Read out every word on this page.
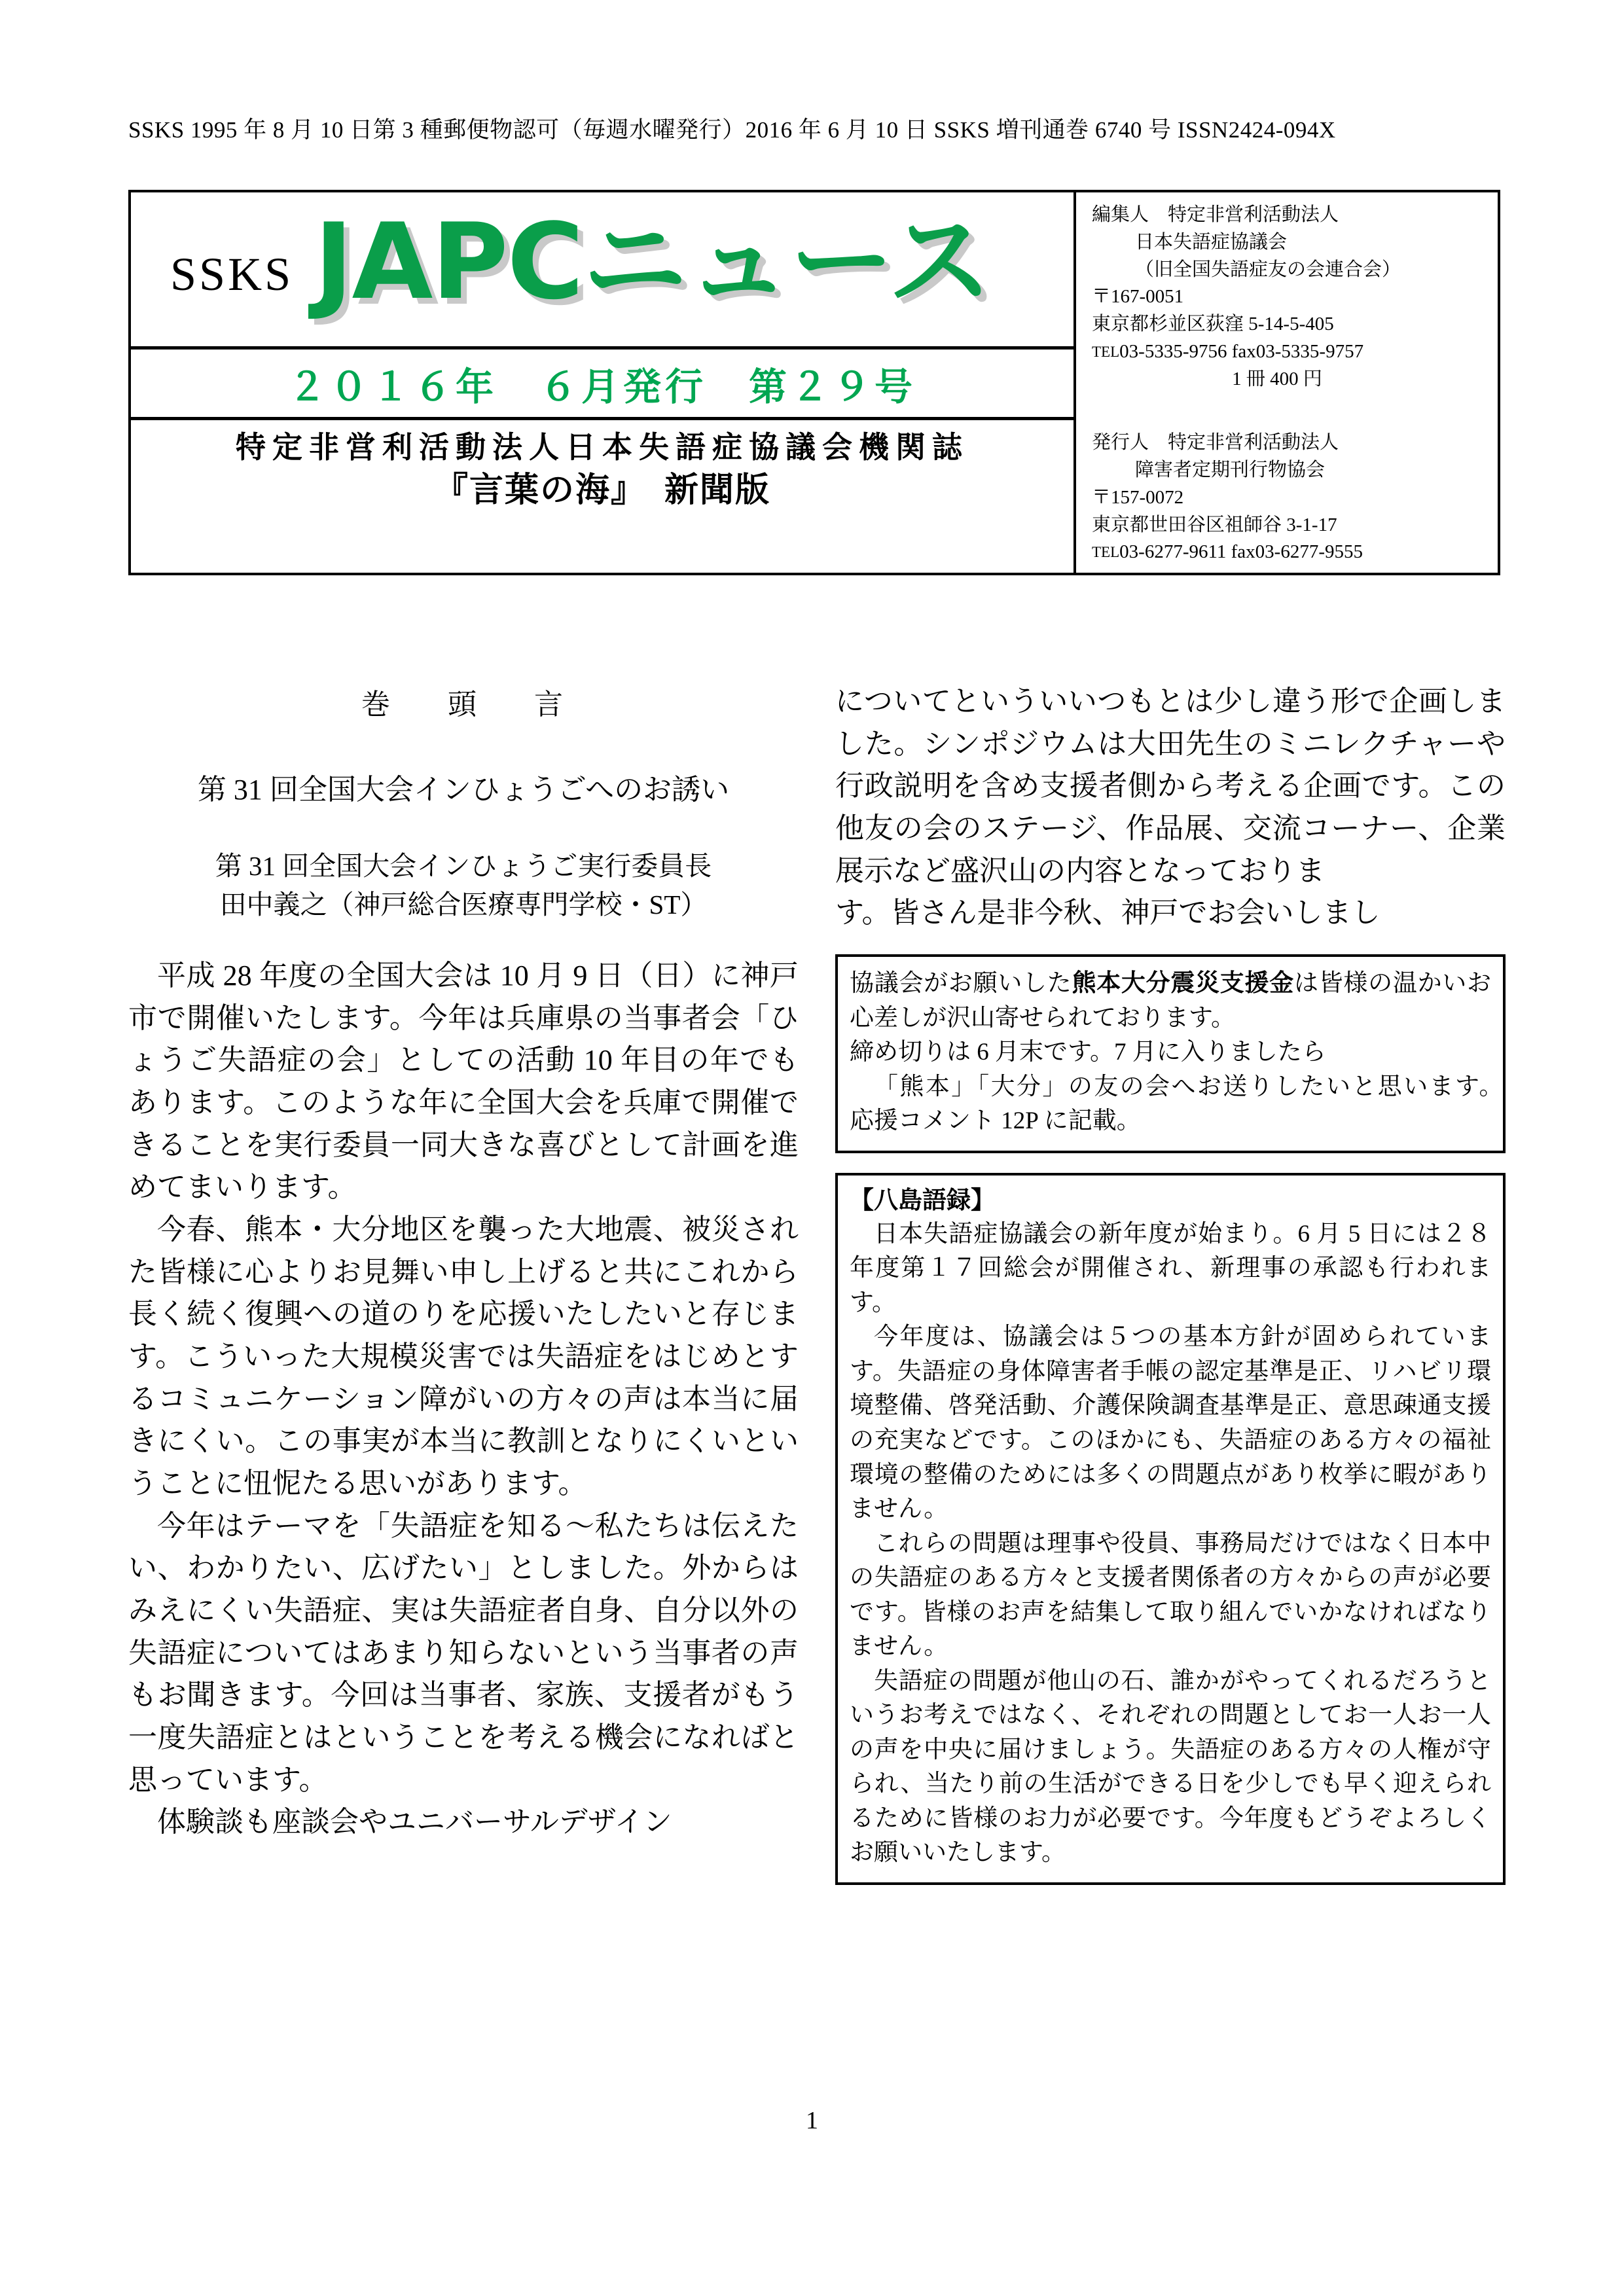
SSKS 1995 年 8 月 10 日第 3 種郵便物認可（毎週水曜発行）2016 年 6 月 10 日 SSKS 増刊通巻 6740 号 ISSN2424-094X
SSKS JAPCニュース
２０１６年　６月発行　第２９号
特定非営利活動法人日本失語症協議会機関誌
『言葉の海』　新聞版

編集人　特定非営利活動法人

日本失語症協議会

（旧全国失語症友の会連合会）

〒167-0051

東京都杉並区荻窪 5-14-5-405

TEL03-5335-9756 fax03-5335-9757

1 冊 400 円

発行人　特定非営利活動法人

障害者定期刊行物協会

〒157-0072

東京都世田谷区祖師谷 3-1-17

TEL03-6277-9611 fax03-6277-9555

巻　頭　言
第 31 回全国大会インひょうごへのお誘い
第 31 回全国大会インひょうご実行委員長
田中義之（神戸総合医療専門学校・ST）

平成 28 年度の全国大会は 10 月 9 日（日）に神戸市で開催いたします。今年は兵庫県の当事者会「ひょうご失語症の会」としての活動 10 年目の年でもあります。このような年に全国大会を兵庫で開催できることを実行委員一同大きな喜びとして計画を進めてまいります。

今春、熊本・大分地区を襲った大地震、被災された皆様に心よりお見舞い申し上げると共にこれから長く続く復興への道のりを応援いたしたいと存じます。こういった大規模災害では失語症をはじめとするコミュニケーション障がいの方々の声は本当に届きにくい。この事実が本当に教訓となりにくいということに忸怩たる思いがあります。

今年はテーマを「失語症を知る〜私たちは伝えたい、わかりたい、広げたい」としました。外からはみえにくい失語症、実は失語症者自身、自分以外の失語症についてはあまり知らないという当事者の声もお聞きます。今回は当事者、家族、支援者がもう一度失語症とはということを考える機会になればと思っています。

体験談も座談会やユニバーサルデザイン

についてといういいつもとは少し違う形で企画しました。シンポジウムは大田先生のミニレクチャーや行政説明を含め支援者側から考える企画です。この他友の会のステージ、作品展、交流コーナー、企業展示など盛沢山の内容となっておりま

す。皆さん是非今秋、神戸でお会いしまし

協議会がお願いした熊本大分震災支援金は皆様の温かいお心差しが沢山寄せられております。

締め切りは 6 月末です。7 月に入りましたら

「熊本」「大分」の友の会へお送りしたいと思います。　応援コメント 12P に記載。

【八島語録】

日本失語症協議会の新年度が始まり。6 月 5 日には２８年度第１７回総会が開催され、新理事の承認も行われます。

今年度は、協議会は５つの基本方針が固められています。失語症の身体障害者手帳の認定基準是正、リハビリ環境整備、啓発活動、介護保険調査基準是正、意思疎通支援の充実などです。このほかにも、失語症のある方々の福祉環境の整備のためには多くの問題点があり枚挙に暇がありません。

これらの問題は理事や役員、事務局だけではなく日本中の失語症のある方々と支援者関係者の方々からの声が必要です。皆様のお声を結集して取り組んでいかなければなりません。

失語症の問題が他山の石、誰かがやってくれるだろうというお考えではなく、それぞれの問題としてお一人お一人の声を中央に届けましょう。失語症のある方々の人権が守られ、当たり前の生活ができる日を少しでも早く迎えられるために皆様のお力が必要です。今年度もどうぞよろしくお願いいたします。

1
